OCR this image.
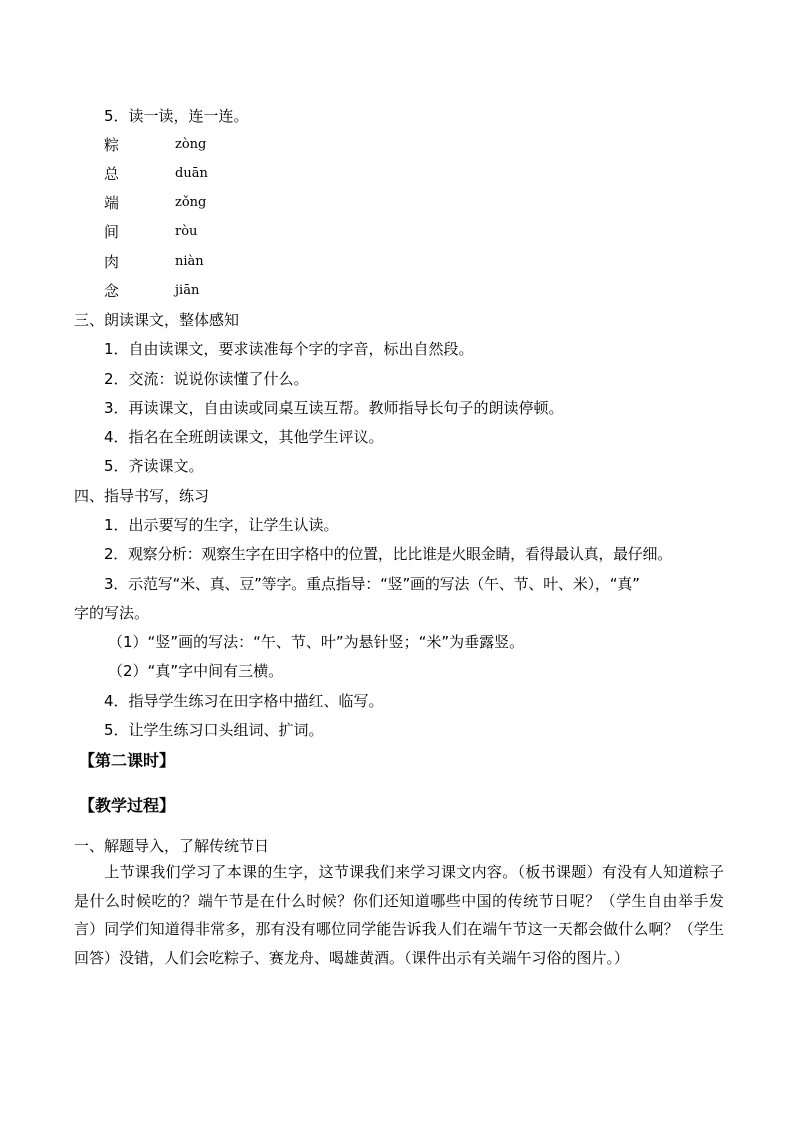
5．读一读，连一连。
粽	zòng
总	duān
端	zǒng
间	ròu
肉	niàn
念	jiān
三、朗读课文，整体感知
1．自由读课文，要求读准每个字的字音，标出自然段。
2．交流：说说你读懂了什么。
3．再读课文，自由读或同桌互读互帮。教师指导长句子的朗读停顿。
4．指名在全班朗读课文，其他学生评议。
5．齐读课文。
四、指导书写，练习
1．出示要写的生字，让学生认读。
2．观察分析：观察生字在田字格中的位置，比比谁是火眼金睛，看得最认真，最仔细。
3．示范写“米、真、豆”等字。重点指导：“竖”画的写法（午、节、叶、米），“真”
字的写法。
（1）“竖”画的写法：“午、节、叶”为悬针竖；“米”为垂露竖。
（2）“真”字中间有三横。
4．指导学生练习在田字格中描红、临写。
5．让学生练习口头组词、扩词。
【第二课时】
【教学过程】
一、解题导入，了解传统节日
上节课我们学习了本课的生字，这节课我们来学习课文内容。（板书课题）有没有人知道粽子是什么时候吃的？端午节是在什么时候？你们还知道哪些中国的传统节日呢？（学生自由举手发言）同学们知道得非常多，那有没有哪位同学能告诉我人们在端午节这一天都会做什么啊？（学生回答）没错，人们会吃粽子、赛龙舟、喝雄黄酒。（课件出示有关端午习俗的图片。）
